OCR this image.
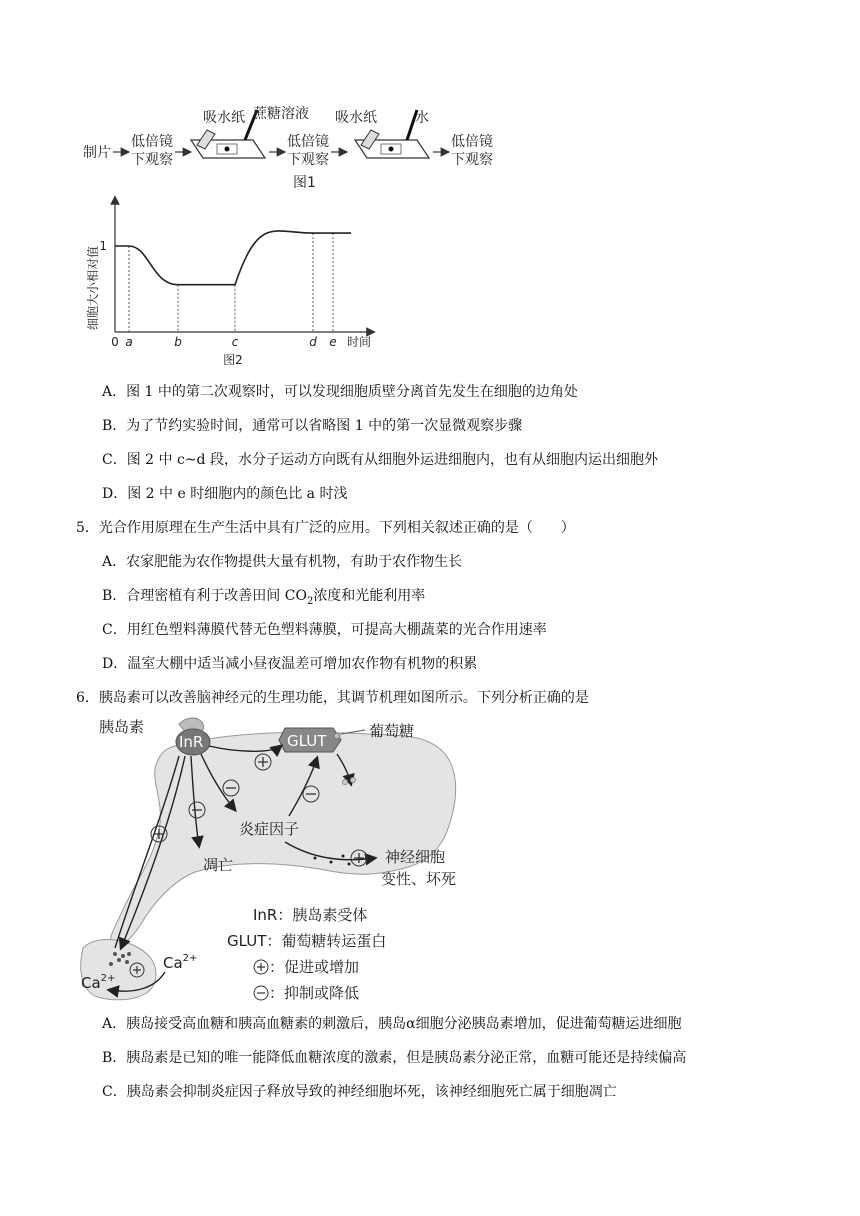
制片
低倍镜
下观察
吸水纸 蔗糖溶液
低倍镜
下观察
吸水纸	水
低倍镜
下观察
图1
细胞大小相对值
0
1
a	b	c	d e 时间
图2
A．图 1 中的第二次观察时，可以发现细胞质壁分离首先发生在细胞的边角处
B．为了节约实验时间，通常可以省略图 1 中的第一次显微观察步骤
C．图 2 中 c~d 段，水分子运动方向既有从细胞外运进细胞内，也有从细胞内运出细胞外
D．图 2 中 e 时细胞内的颜色比 a 时浅
5．光合作用原理在生产生活中具有广泛的应用。下列相关叙述正确的是（　　）
A．农家肥能为农作物提供大量有机物，有助于农作物生长
B．合理密植有利于改善田间 $CO_2$浓度和光能利用率
C．用红色塑料薄膜代替无色塑料薄膜，可提高大棚蔬菜的光合作用速率
D．温室大棚中适当减小昼夜温差可增加农作物有机物的积累
6．胰岛素可以改善脑神经元的生理功能，其调节机理如图所示。下列分析正确的是
胰岛素
InR	GLUT
葡萄糖
炎症因子
凋亡	神经细胞
变性、坏死
InR：胰岛素受体
GLUT：葡萄糖转运蛋白
：促进或增加
：抑制或降低
$Ca^{2+}$
$Ca^{2+}$
A．胰岛接受高血糖和胰高血糖素的刺激后，胰岛α细胞分泌胰岛素增加，促进葡萄糖运进细胞
B．胰岛素是已知的唯一能降低血糖浓度的激素，但是胰岛素分泌正常，血糖可能还是持续偏高
C．胰岛素会抑制炎症因子释放导致的神经细胞坏死，该神经细胞死亡属于细胞凋亡
